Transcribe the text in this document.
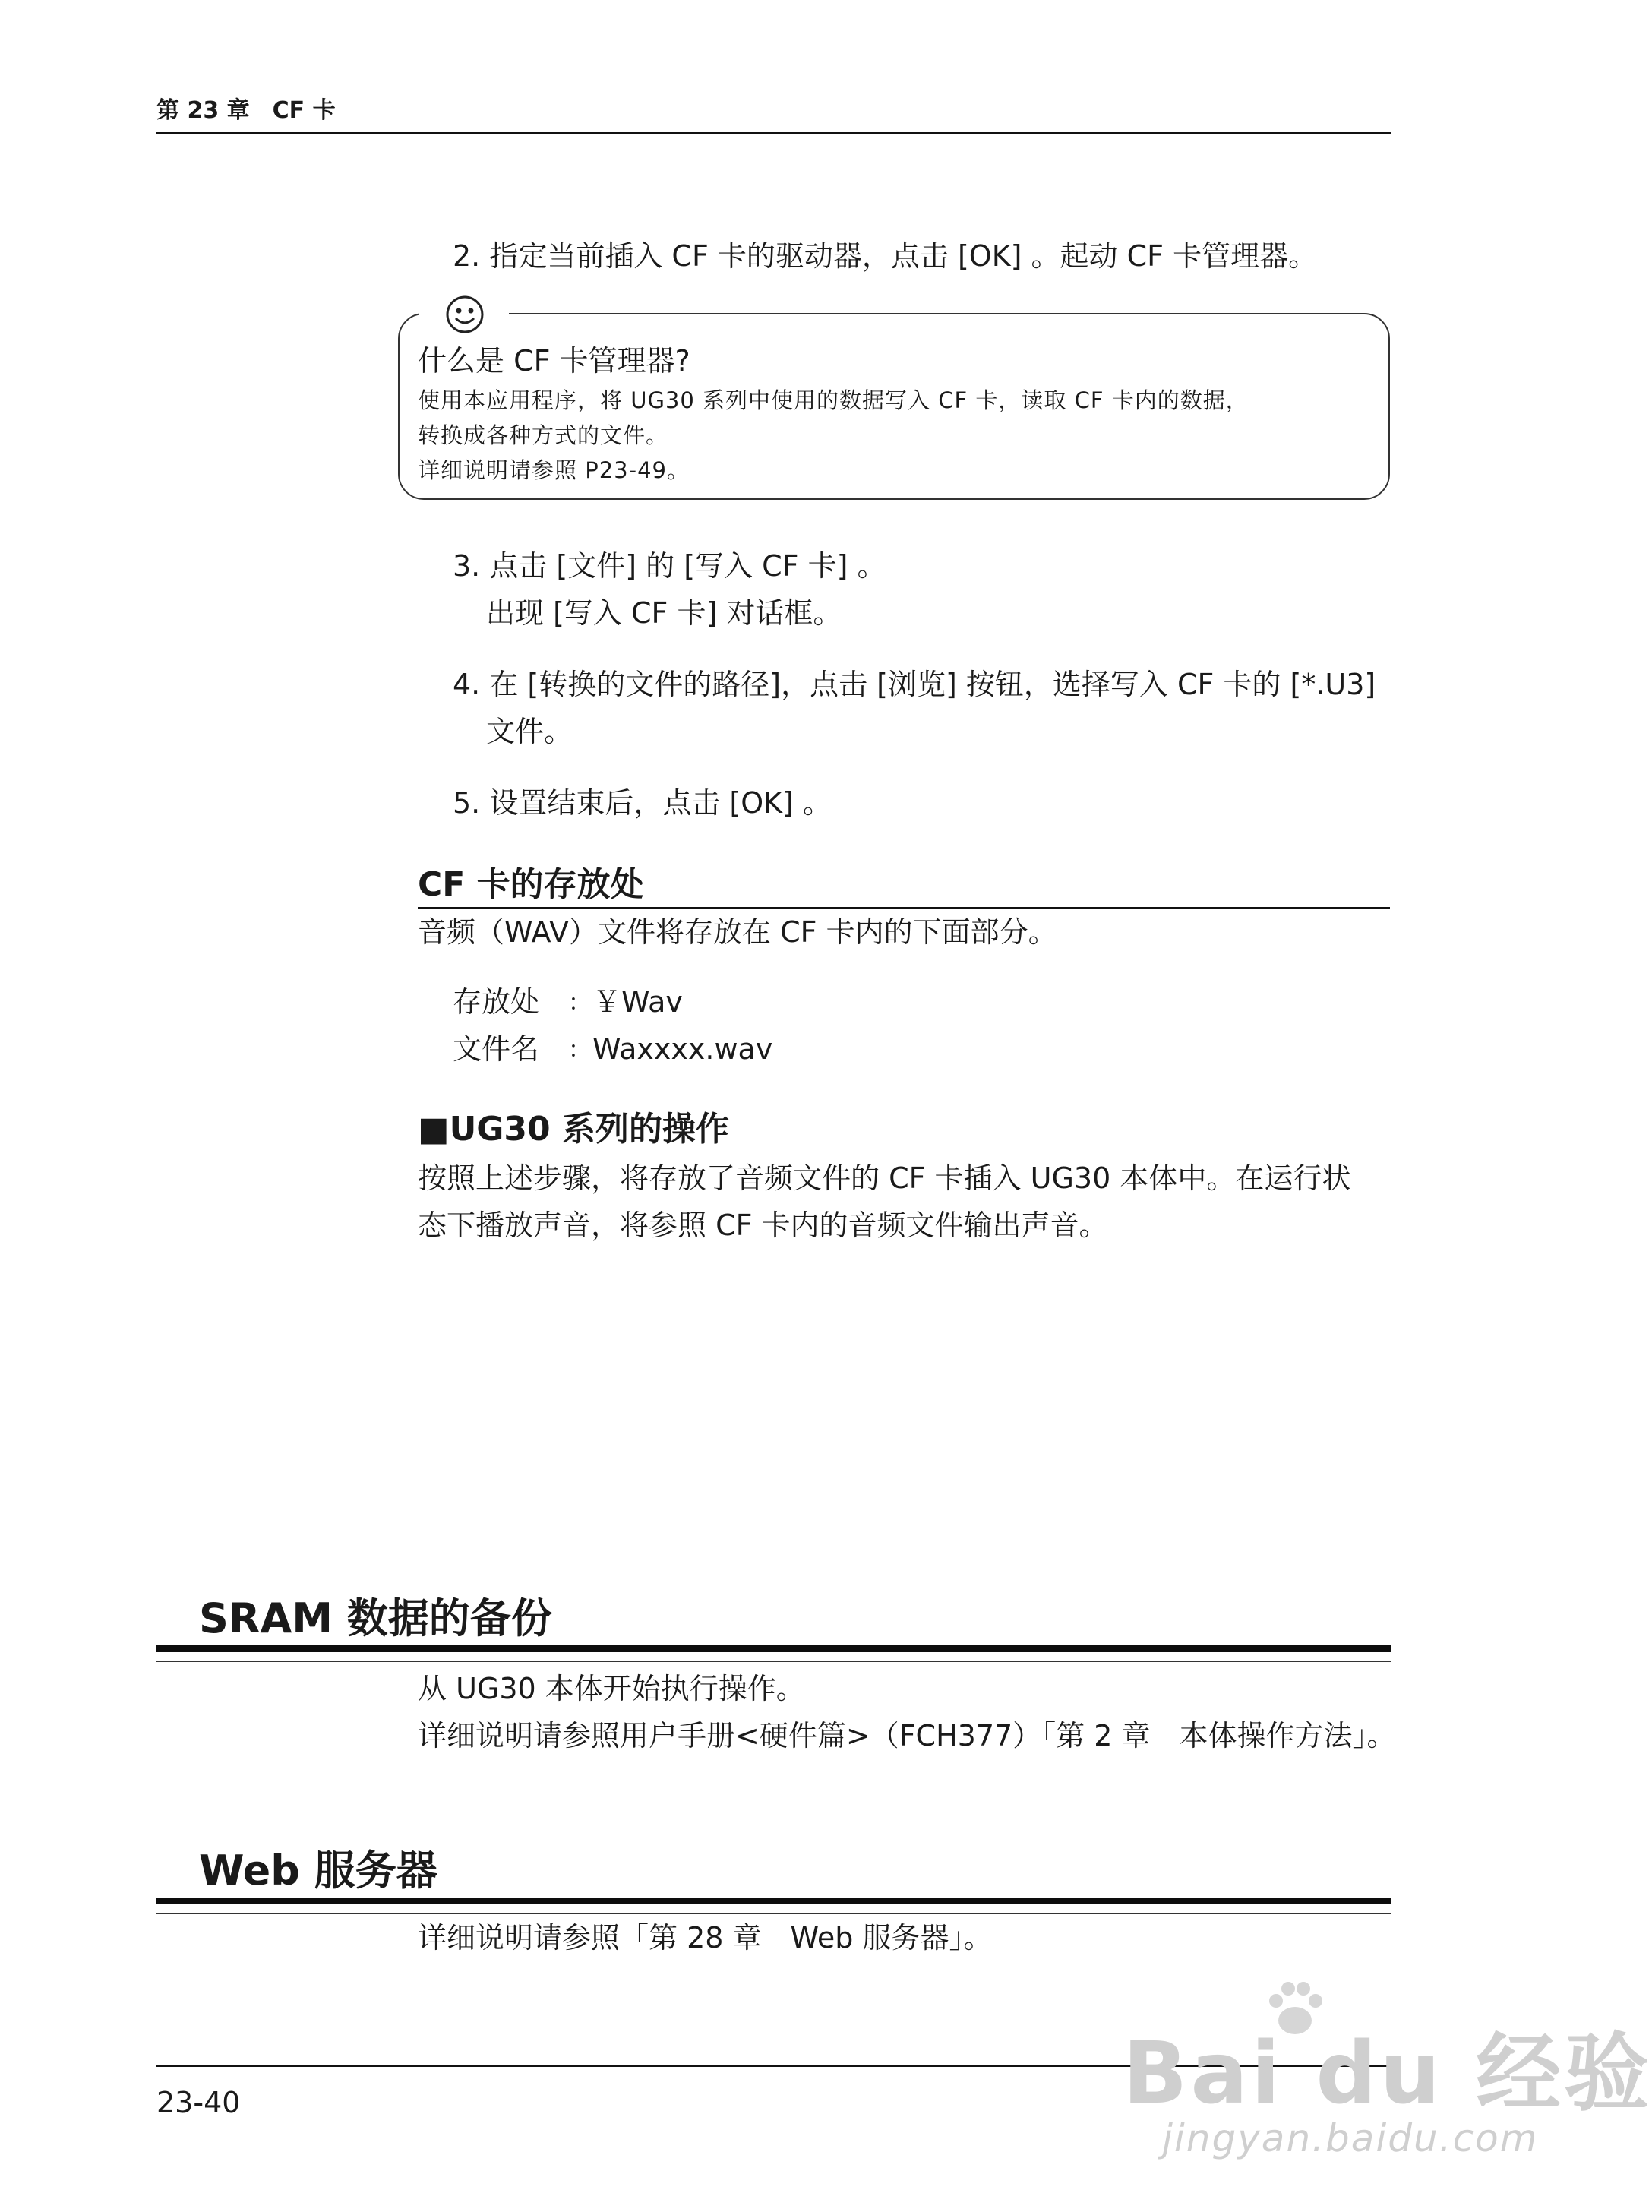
第 23 章　CF 卡
2. 指定当前插入 CF 卡的驱动器，点击 [OK] 。起动 CF 卡管理器。
什么是 CF 卡管理器?
使用本应用程序，将 UG30 系列中使用的数据写入 CF 卡，读取 CF 卡内的数据，
转换成各种方式的文件。
详细说明请参照 P23-49。
3. 点击 [文件] 的 [写入 CF 卡] 。
出现 [写入 CF 卡] 对话框。
4. 在 [转换的文件的路径]，点击 [浏览] 按钮，选择写入 CF 卡的 [*.U3]
文件。
5. 设置结束后，点击 [OK] 。
CF 卡的存放处
音频（WAV）文件将存放在 CF 卡内的下面部分。
存放处 ： ￥Wav
文件名 ： Waxxxx.wav
■UG30 系列的操作
按照上述步骤，将存放了音频文件的 CF 卡插入 UG30 本体中。在运行状
态下播放声音，将参照 CF 卡内的音频文件输出声音。
SRAM 数据的备份
从 UG30 本体开始执行操作。
详细说明请参照用户手册<硬件篇>（FCH377）「第 2 章　本体操作方法」。
Web 服务器
详细说明请参照「第 28 章　Web 服务器」。
23-40	Bai du 经验
jingyan.baidu.com
